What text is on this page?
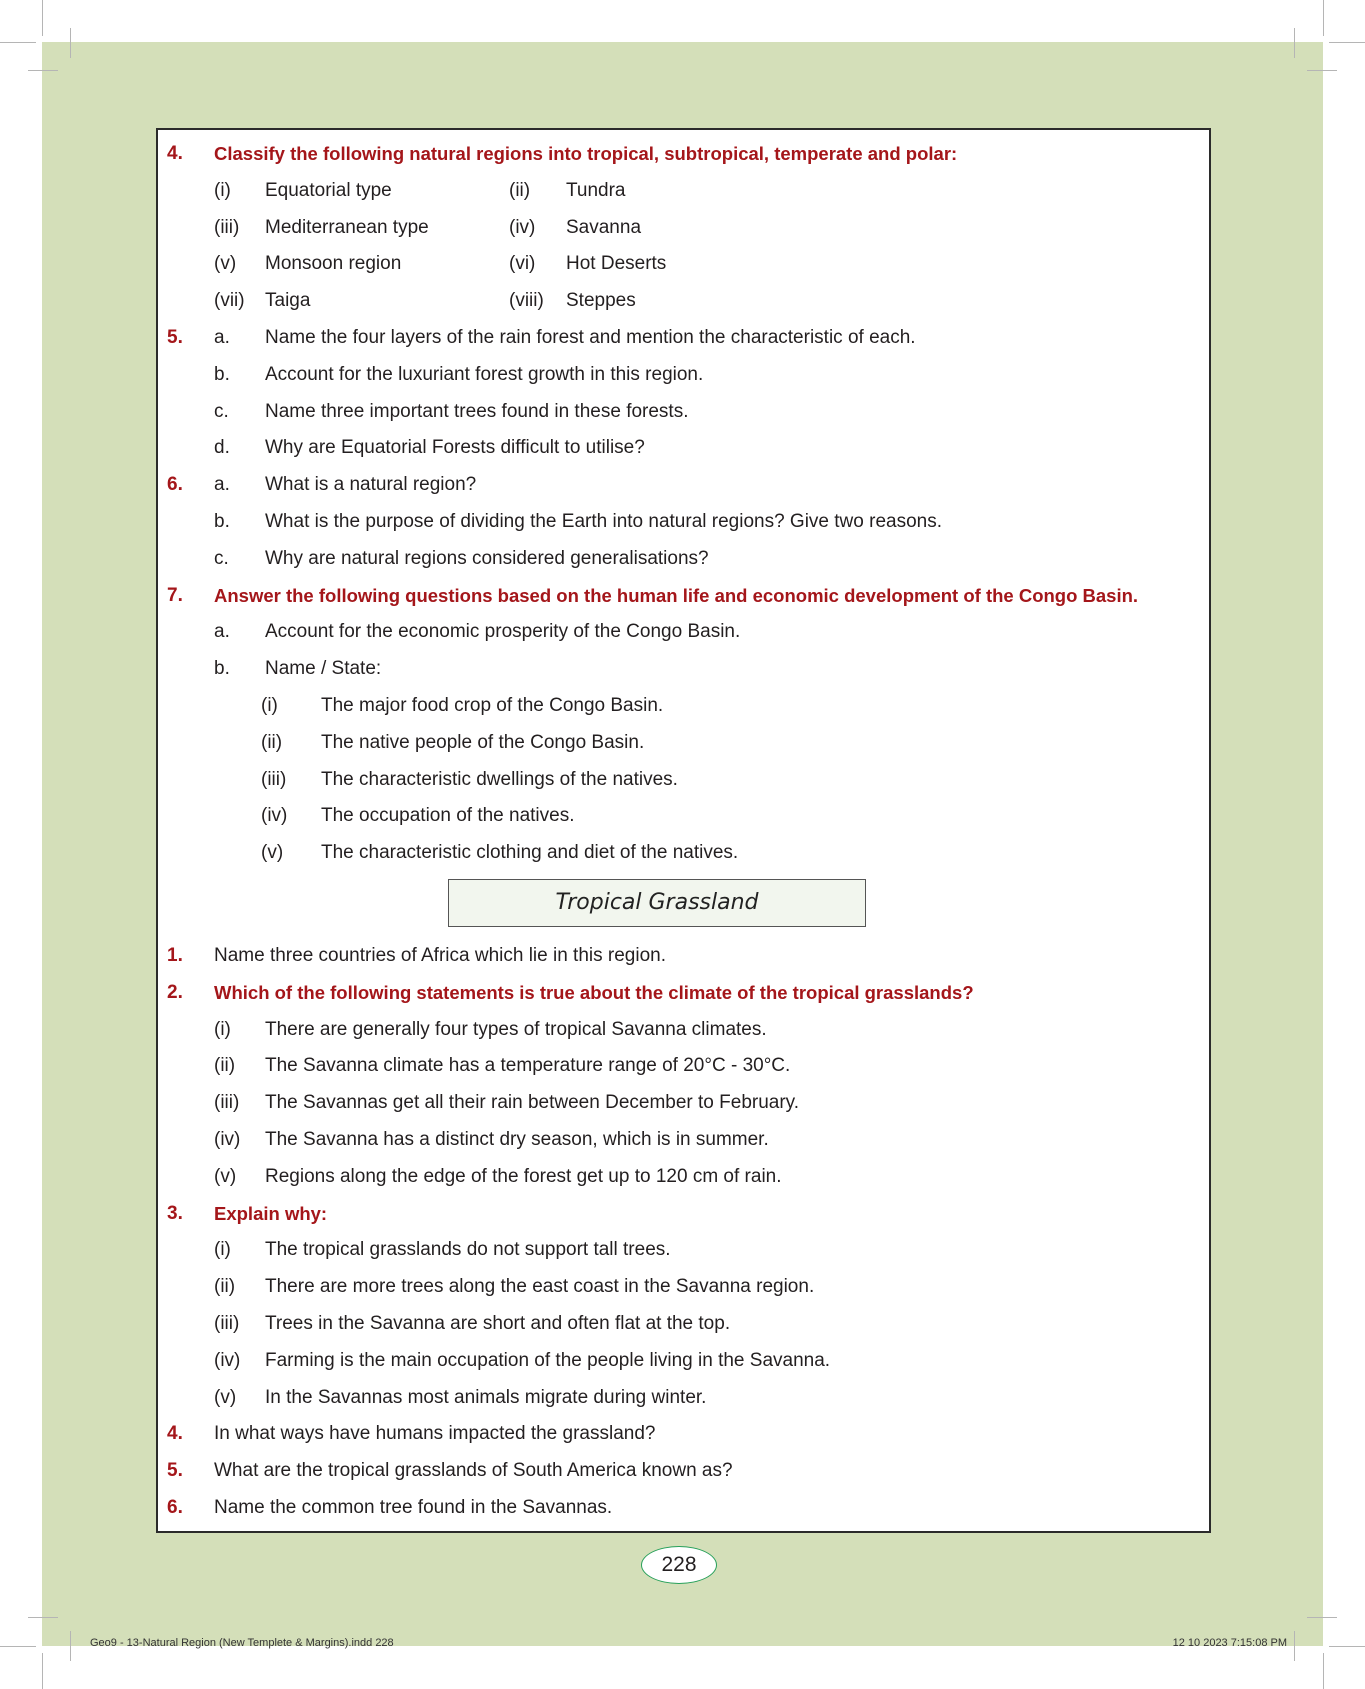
4. Classify the following natural regions into tropical, subtropical, temperate and polar:
(i) Equatorial type	(ii) Tundra
(iii) Mediterranean type	(iv) Savanna
(v) Monsoon region	(vi) Hot Deserts
(vii) Taiga	(viii) Steppes
5. a. Name the four layers of the rain forest and mention the characteristic of each.
b. Account for the luxuriant forest growth in this region.
c. Name three important trees found in these forests.
d. Why are Equatorial Forests difficult to utilise?
6. a. What is a natural region?
b. What is the purpose of dividing the Earth into natural regions? Give two reasons.
c. Why are natural regions considered generalisations?
7. Answer the following questions based on the human life and economic development of the Congo Basin.
a. Account for the economic prosperity of the Congo Basin.
b. Name / State:
(i) The major food crop of the Congo Basin.
(ii) The native people of the Congo Basin.
(iii) The characteristic dwellings of the natives.
(iv) The occupation of the natives.
(v) The characteristic clothing and diet of the natives.
1. Name three countries of Africa which lie in this region.
2. Which of the following statements is true about the climate of the tropical grasslands?
(i) There are generally four types of tropical Savanna climates.
(ii) The Savanna climate has a temperature range of 20°C - 30°C.
(iii) The Savannas get all their rain between December to February.
(iv) The Savanna has a distinct dry season, which is in summer.
(v) Regions along the edge of the forest get up to 120 cm of rain.
3. Explain why:
(i) The tropical grasslands do not support tall trees.
(ii) There are more trees along the east coast in the Savanna region.
(iii) Trees in the Savanna are short and often flat at the top.
(iv) Farming is the main occupation of the people living in the Savanna.
(v) In the Savannas most animals migrate during winter.
4. In what ways have humans impacted the grassland?
5. What are the tropical grasslands of South America known as?
6. Name the common tree found in the Savannas.
Tropical Grassland
228
Geo9 - 13-Natural Region (New Templete & Margins).indd 228	12 10 2023 7:15:08 PM
